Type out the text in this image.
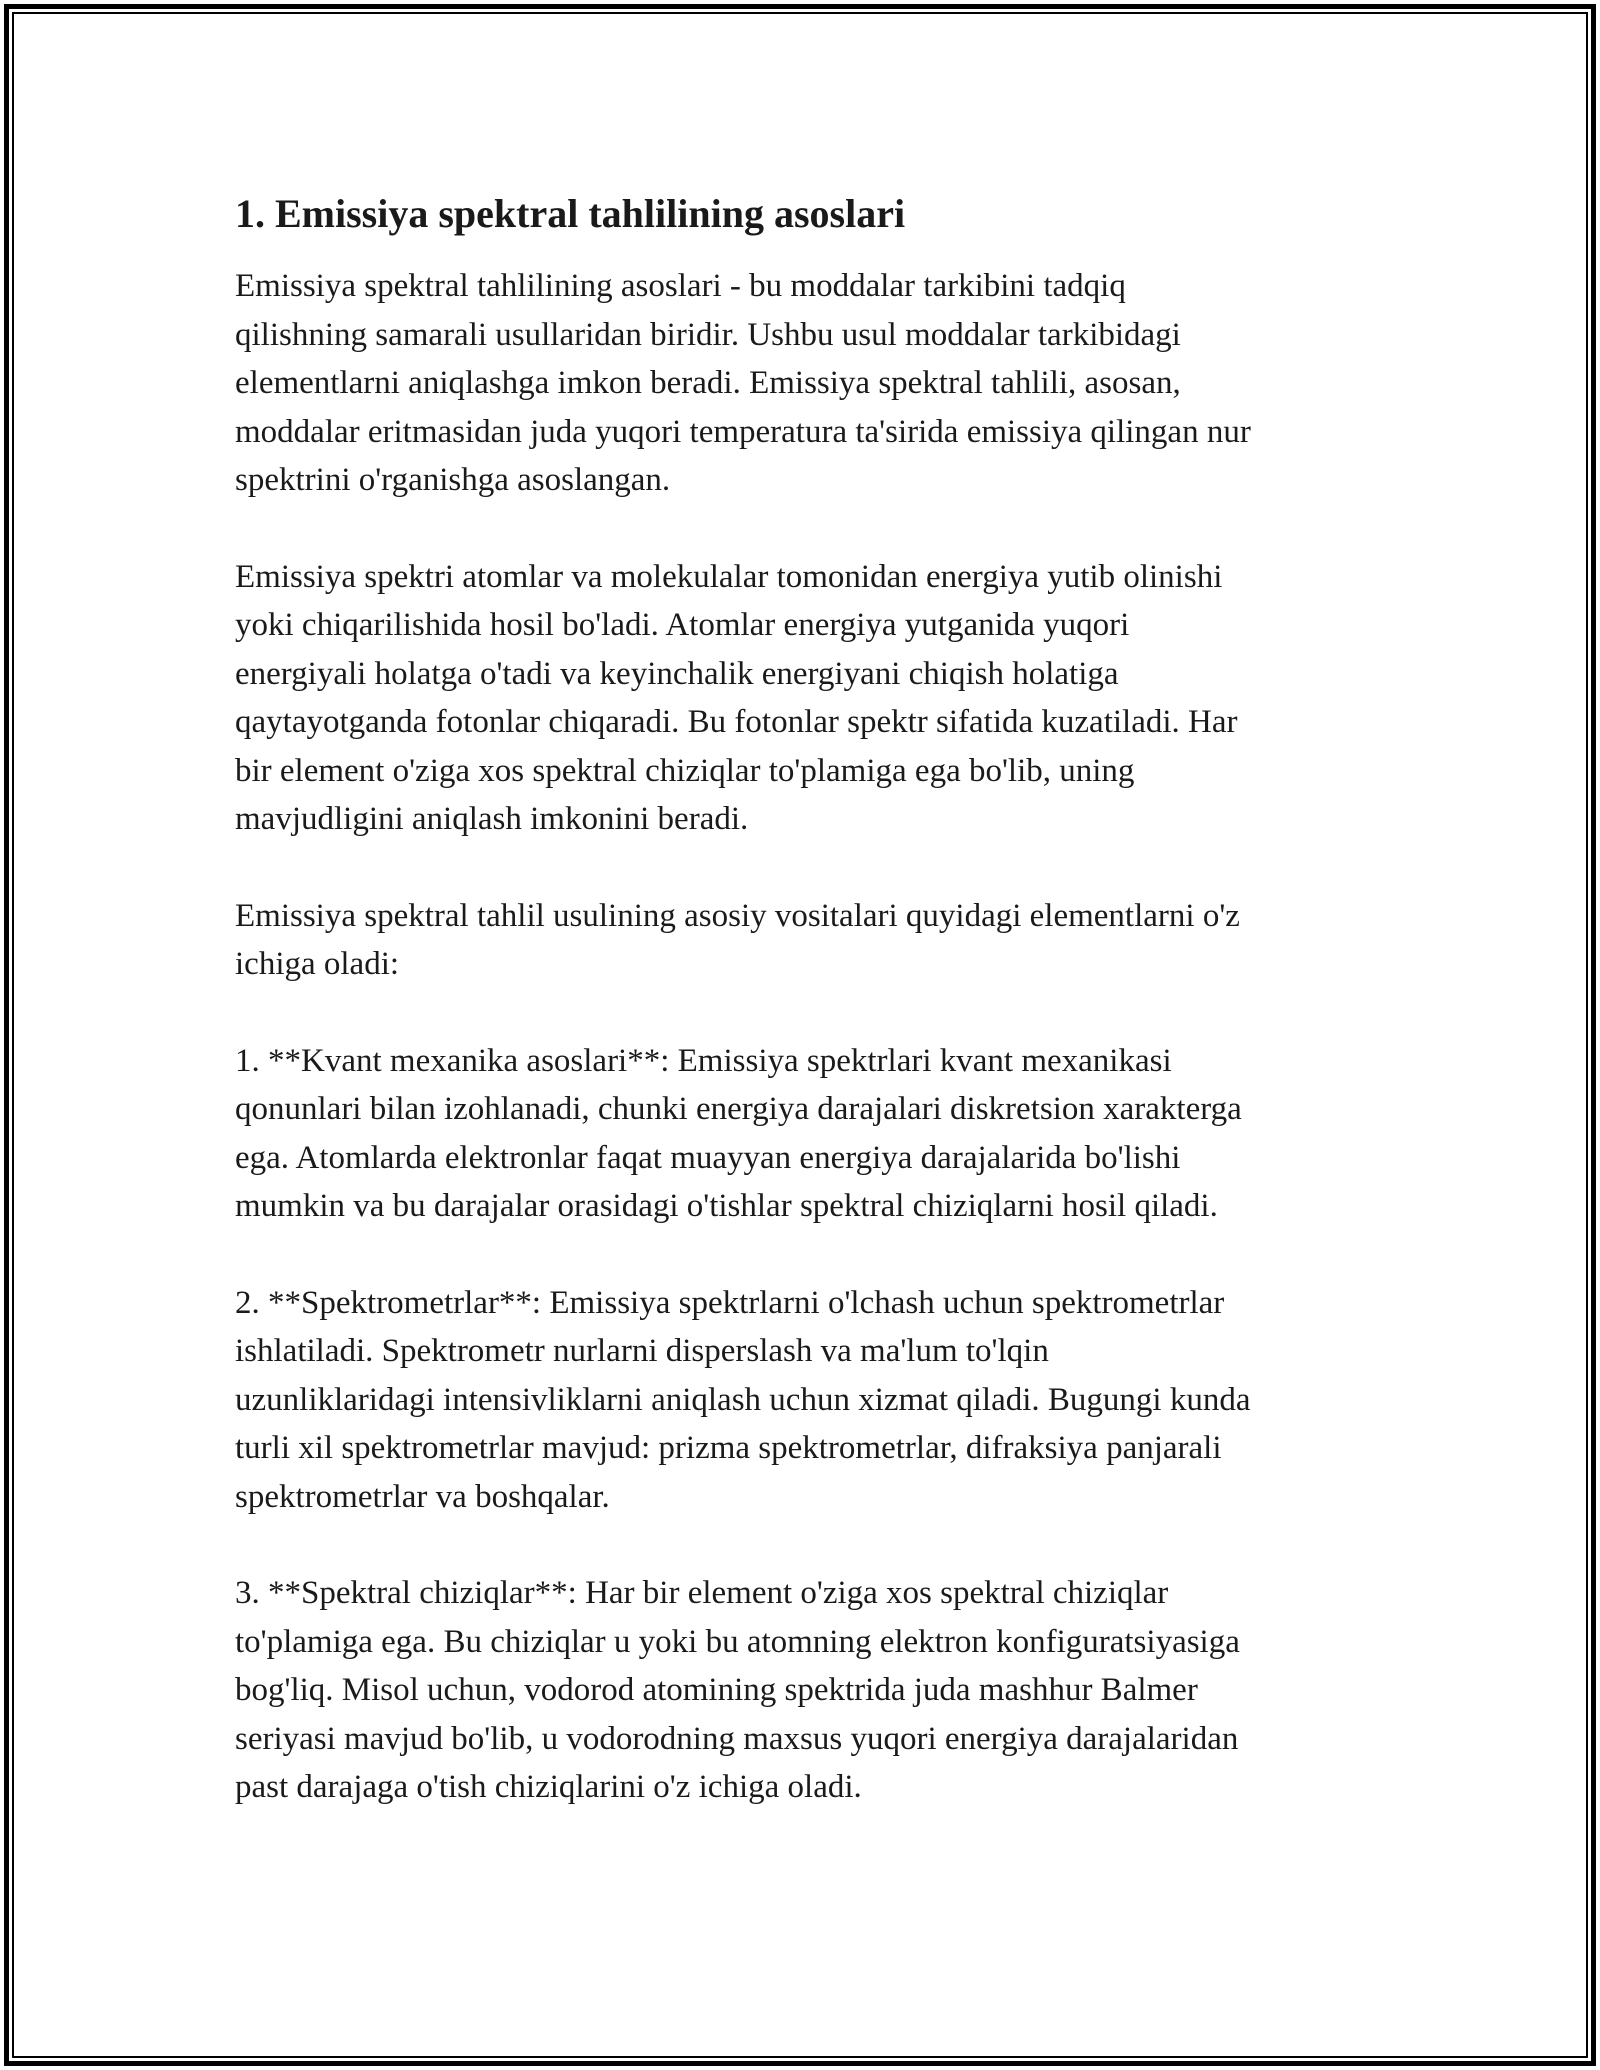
1. Emissiya spektral tahlilining asoslari

Emissiya spektral tahlilining asoslari - bu moddalar tarkibini tadqiq
qilishning samarali usullaridan biridir. Ushbu usul moddalar tarkibidagi
elementlarni aniqlashga imkon beradi. Emissiya spektral tahlili, asosan,
moddalar eritmasidan juda yuqori temperatura ta'sirida emissiya qilingan nur
spektrini o'rganishga asoslangan.

Emissiya spektri atomlar va molekulalar tomonidan energiya yutib olinishi
yoki chiqarilishida hosil bo'ladi. Atomlar energiya yutganida yuqori
energiyali holatga o'tadi va keyinchalik energiyani chiqish holatiga
qaytayotganda fotonlar chiqaradi. Bu fotonlar spektr sifatida kuzatiladi. Har
bir element o'ziga xos spektral chiziqlar to'plamiga ega bo'lib, uning
mavjudligini aniqlash imkonini beradi.

Emissiya spektral tahlil usulining asosiy vositalari quyidagi elementlarni o'z
ichiga oladi:

1. **Kvant mexanika asoslari**: Emissiya spektrlari kvant mexanikasi
qonunlari bilan izohlanadi, chunki energiya darajalari diskretsion xarakterga
ega. Atomlarda elektronlar faqat muayyan energiya darajalarida bo'lishi
mumkin va bu darajalar orasidagi o'tishlar spektral chiziqlarni hosil qiladi.

2. **Spektrometrlar**: Emissiya spektrlarni o'lchash uchun spektrometrlar
ishlatiladi. Spektrometr nurlarni disperslash va ma'lum to'lqin
uzunliklaridagi intensivliklarni aniqlash uchun xizmat qiladi. Bugungi kunda
turli xil spektrometrlar mavjud: prizma spektrometrlar, difraksiya panjarali
spektrometrlar va boshqalar.

3. **Spektral chiziqlar**: Har bir element o'ziga xos spektral chiziqlar
to'plamiga ega. Bu chiziqlar u yoki bu atomning elektron konfiguratsiyasiga
bog'liq. Misol uchun, vodorod atomining spektrida juda mashhur Balmer
seriyasi mavjud bo'lib, u vodorodning maxsus yuqori energiya darajalaridan
past darajaga o'tish chiziqlarini o'z ichiga oladi.
